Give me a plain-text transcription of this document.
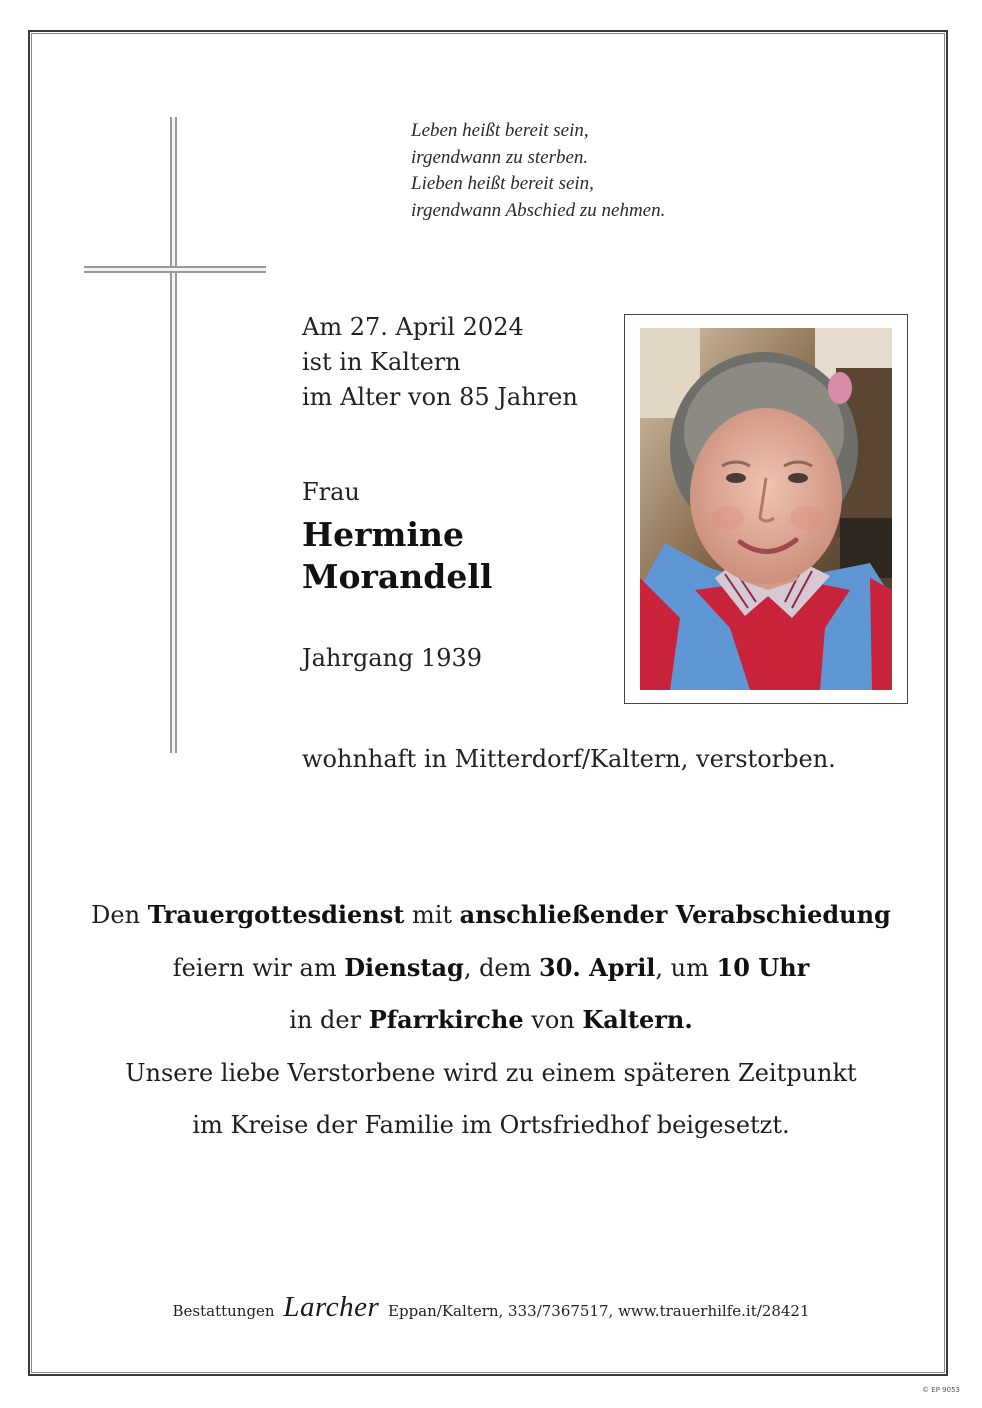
Leben heißt bereit sein,
irgendwann zu sterben.
Lieben heißt bereit sein,
irgendwann Abschied zu nehmen.
Am 27. April 2024
ist in Kaltern
im Alter von 85 Jahren
Frau
Hermine
Morandell
Jahrgang 1939
wohnhaft in Mitterdorf/Kaltern, verstorben.
Den Trauergottesdienst mit anschließender Verabschiedung
feiern wir am Dienstag, dem 30. April, um 10 Uhr
in der Pfarrkirche von Kaltern.
Unsere liebe Verstorbene wird zu einem späteren Zeitpunkt
im Kreise der Familie im Ortsfriedhof beigesetzt.
Bestattungen Larcher Eppan/Kaltern, 333/7367517, www.trauerhilfe.it/28421
© EP 9053
